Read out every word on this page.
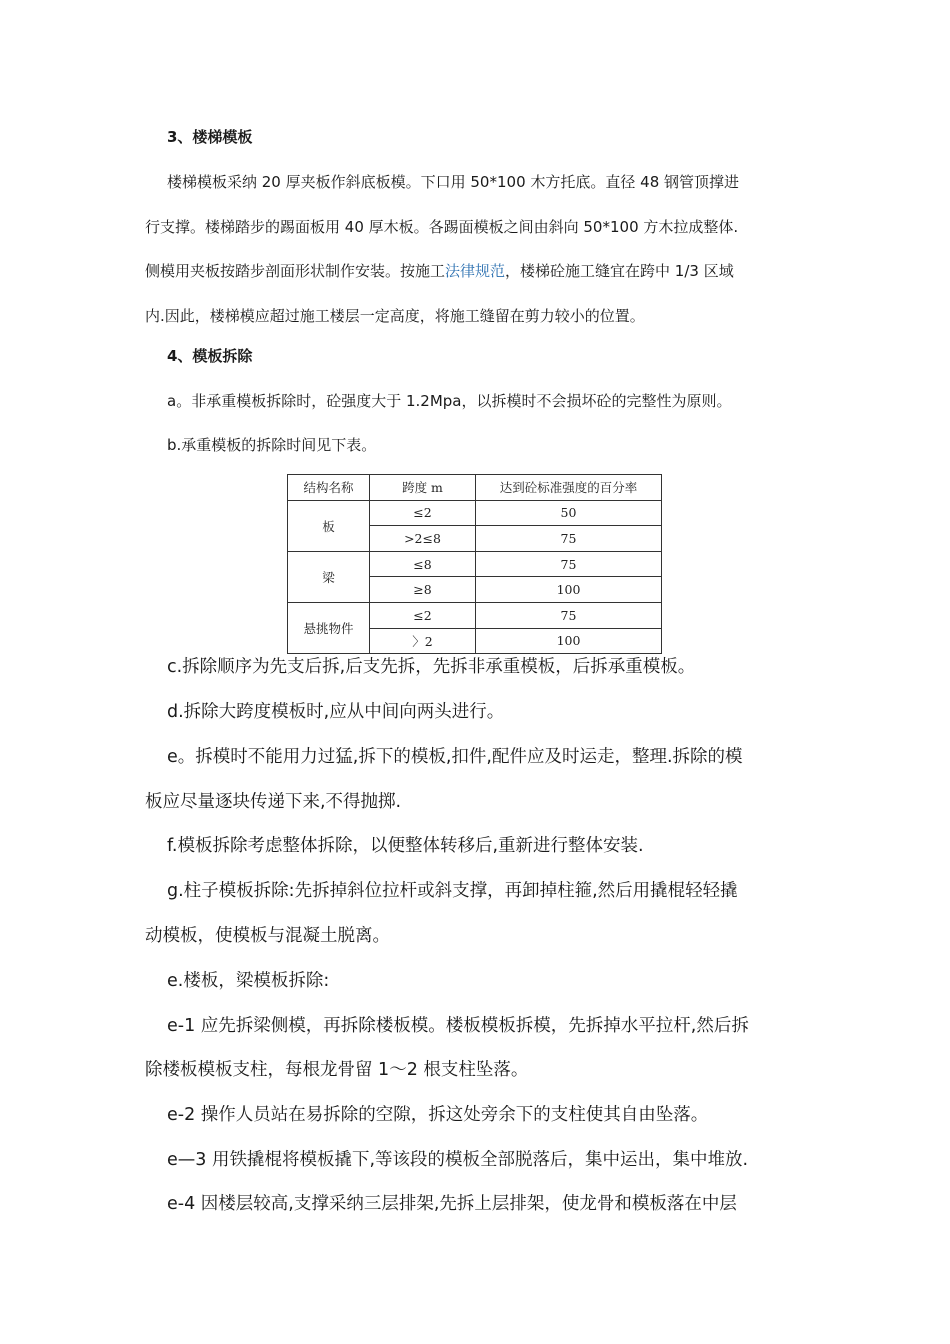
3、楼梯模板
楼梯模板采纳 20 厚夹板作斜底板模。下口用 50*100 木方托底。直径 48 钢管顶撑进
行支撑。楼梯踏步的踢面板用 40 厚木板。各踢面模板之间由斜向 50*100 方木拉成整体.
侧模用夹板按踏步剖面形状制作安装。按施工法律规范，楼梯砼施工缝宜在跨中 1/3 区域
内.因此，楼梯模应超过施工楼层一定高度，将施工缝留在剪力较小的位置。
4、模板拆除
a。非承重模板拆除时，砼强度大于 1.2Mpa，以拆模时不会损坏砼的完整性为原则。
b.承重模板的拆除时间见下表。
结构名称	跨度 m	达到砼标准强度的百分率
板	≤2	50
	>2≤8	75
梁	≤8	75
	≥8	100
悬挑物件	≤2	75
	〉2	100
c.拆除顺序为先支后拆,后支先拆，先拆非承重模板，后拆承重模板。
d.拆除大跨度模板时,应从中间向两头进行。
e。拆模时不能用力过猛,拆下的模板,扣件,配件应及时运走，整理.拆除的模
板应尽量逐块传递下来,不得抛掷.
f.模板拆除考虑整体拆除，以便整体转移后,重新进行整体安装.
g.柱子模板拆除:先拆掉斜位拉杆或斜支撑，再卸掉柱箍,然后用撬棍轻轻撬
动模板，使模板与混凝土脱离。
e.楼板，梁模板拆除:
e-1 应先拆梁侧模，再拆除楼板模。楼板模板拆模，先拆掉水平拉杆,然后拆
除楼板模板支柱，每根龙骨留 1～2 根支柱坠落。
e-2 操作人员站在易拆除的空隙，拆这处旁余下的支柱使其自由坠落。
e—3 用铁撬棍将模板撬下,等该段的模板全部脱落后，集中运出，集中堆放.
e-4 因楼层较高,支撑采纳三层排架,先拆上层排架，使龙骨和模板落在中层
